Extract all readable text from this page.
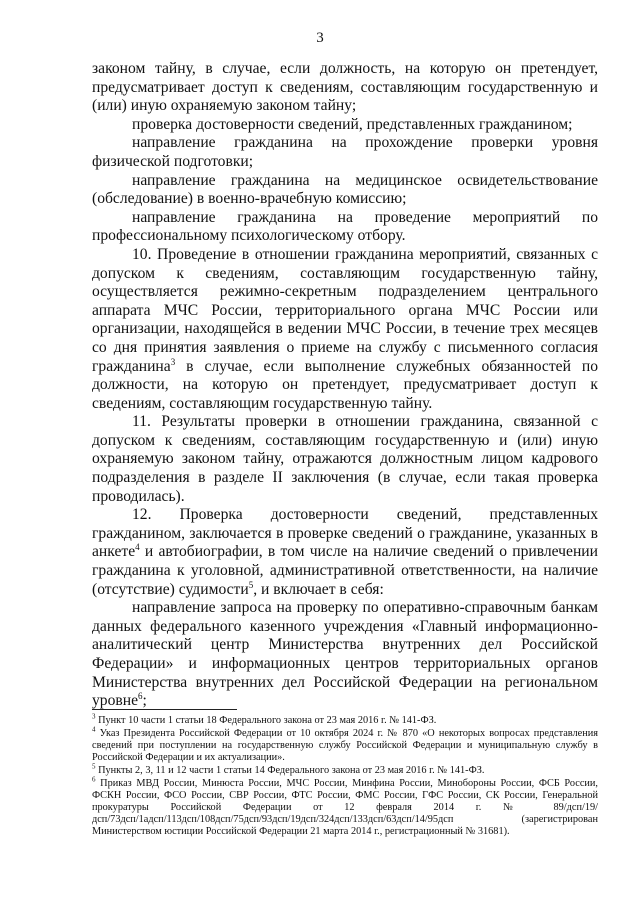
3

законом тайну, в случае, если должность, на которую он претендует, предусматривает доступ к сведениям, составляющим государственную и (или) иную охраняемую законом тайну;

проверка достоверности сведений, представленных гражданином;

направление гражданина на прохождение проверки уровня физической подготовки;

направление гражданина на медицинское освидетельствование (обследование) в военно-врачебную комиссию;

направление гражданина на проведение мероприятий по профессиональному психологическому отбору.

10. Проведение в отношении гражданина мероприятий, связанных с допуском к сведениям, составляющим государственную тайну, осуществляется режимно-секретным подразделением центрального аппарата МЧС России, территориального органа МЧС России или организации, находящейся в ведении МЧС России, в течение трех месяцев со дня принятия заявления о приеме на службу с письменного согласия гражданина$^3$ в случае, если выполнение служебных обязанностей по должности, на которую он претендует, предусматривает доступ к сведениям, составляющим государственную тайну.

11. Результаты проверки в отношении гражданина, связанной с допуском к сведениям, составляющим государственную и (или) иную охраняемую законом тайну, отражаются должностным лицом кадрового подразделения в разделе II заключения (в случае, если такая проверка проводилась).

12. Проверка достоверности сведений, представленных гражданином, заключается в проверке сведений о гражданине, указанных в анкете$^4$ и автобиографии, в том числе на наличие сведений о привлечении гражданина к уголовной, административной ответственности, на наличие (отсутствие) судимости$^5$, и включает в себя:

направление запроса на проверку по оперативно-справочным банкам данных федерального казенного учреждения «Главный информационно-аналитический центр Министерства внутренних дел Российской Федерации» и информационных центров территориальных органов Министерства внутренних дел Российской Федерации на региональном уровне$^6$;

$^3$ Пункт 10 части 1 статьи 18 Федерального закона от 23 мая 2016 г. № 141-ФЗ.

$^4$ Указ Президента Российской Федерации от 10 октября 2024 г. № 870 «О некоторых вопросах представления сведений при поступлении на государственную службу Российской Федерации и муниципальную службу в Российской Федерации и их актуализации».

$^5$ Пункты 2, 3, 11 и 12 части 1 статьи 14 Федерального закона от 23 мая 2016 г. № 141-ФЗ.

$^6$ Приказ МВД России, Минюста России, МЧС России, Минфина России, Минобороны России, ФСБ России, ФСКН России, ФСО России, СВР России, ФТС России, ФМС России, ГФС России, СК России, Генеральной прокуратуры Российской Федерации от 12 февраля 2014 г. № 89/дсп/19/дсп/73дсп/1адсп/113дсп/108дсп/75дсп/93дсп/19дсп/324дсп/133дсп/63дсп/14/95дсп (зарегистрирован Министерством юстиции Российской Федерации 21 марта 2014 г., регистрационный № 31681).
